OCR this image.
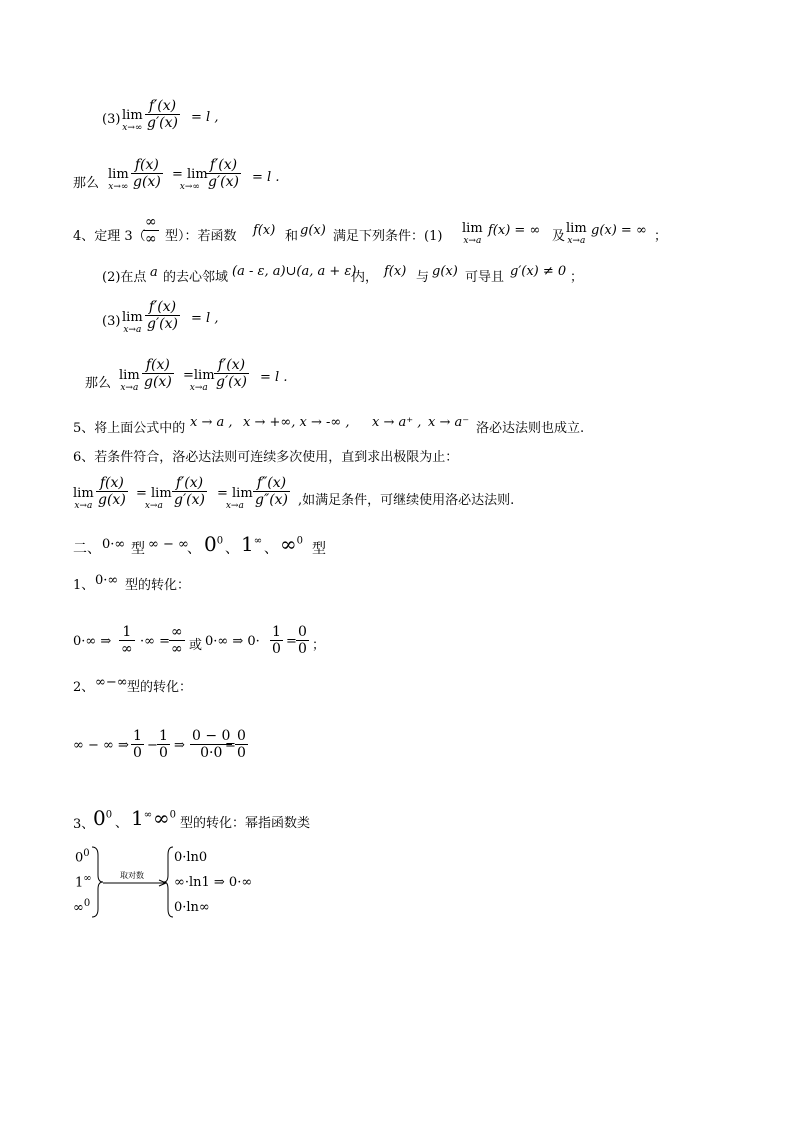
(3) lim
$x\to\infty \frac{f'(x)}{g'(x)} = l$ ,
那么
lim
$x\to\infty \frac{f(x)}{g(x)} = \lim$
$x\to\infty \frac{f'(x)}{g'(x)} = l$ .
4、定理 3（
∞
∞ 型）：若函数 f(x) 和 g(x) 满足下列条件：(1)
lim
x→a
f(x) = ∞ 及
lim
x→a
g(x) = ∞ ；
(2)在点 a 的去心邻域 (a - ε, a)∪(a, a + ε)
内， f(x) 与 g(x) 可导且 g′(x) ≠ 0 ；
(3) lim
$x\to a \frac{f'(x)}{g'(x)} = l$ ,
那么
lim
$x\to a \frac{f(x)}{g(x)} =\lim$
$x\to a \frac{f'(x)}{g'(x)} = l$ .
5、将上面公式中的 x → a , x → +∞, x → -∞ , x → a⁺ , x → a⁻ 洛必达法则也成立.
6、若条件符合，洛必达法则可连续多次使用，直到求出极限为止：
lim
$x\to a \frac{f(x)}{g(x)} = \lim$
$x\to a \frac{f'(x)}{g'(x)} = \lim$
$x\to a \frac{f''(x)}{g''(x)}$ ,如满足条件，可继续使用洛必达法则.
二、 0·∞ 型 ∞ − ∞
、 $0^0$
、 1∞
、 ∞$^0$
型
1、 0·∞ 型的转化：
0·∞ ⇒
1
∞ ·∞ =
∞
∞ 或 0·∞ ⇒ $0\cdot \frac{1}{0} = \frac{0}{0}$ ；
2、 ∞−∞ 型的转化：
∞ − ∞ ⇒ $\frac{1}{0} - \frac{1}{0}$ ⇒ $\frac{0 - 0}{0\cdot 0}$
= $\frac{0}{0}$
3、
$0^0$
、 1∞ ∞$^0$
型的转化：幂指函数类
$0^0$
1∞
∞$^0$
取对数
0·ln0
∞·ln1 ⇒ 0·∞
0·ln∞
